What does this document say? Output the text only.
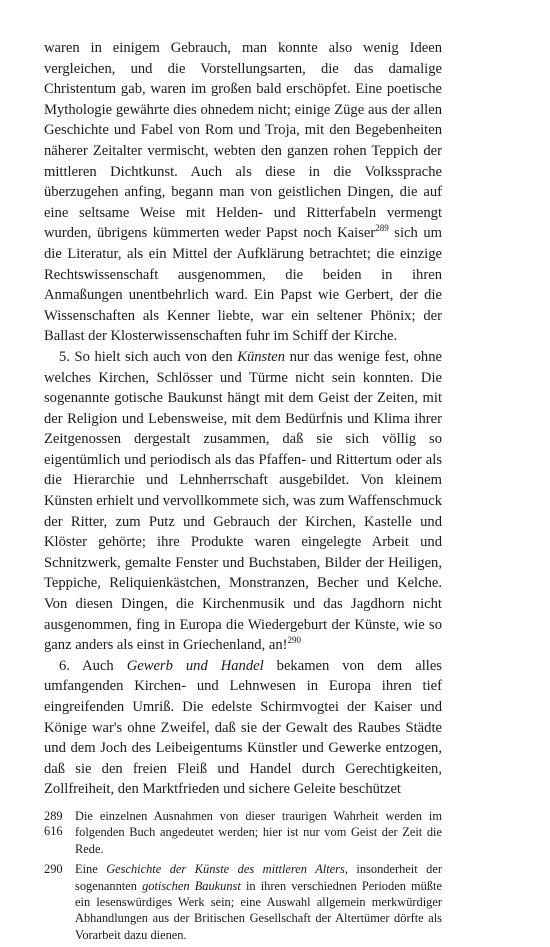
waren in einigem Gebrauch, man konnte also wenig Ideen vergleichen, und die Vorstellungsarten, die das damalige Christentum gab, waren im großen bald erschöpfet. Eine poetische Mythologie gewährte dies ohnedem nicht; einige Züge aus der allen Geschichte und Fabel von Rom und Troja, mit den Begebenheiten näherer Zeitalter vermischt, webten den ganzen rohen Teppich der mittleren Dichtkunst. Auch als diese in die Volkssprache überzugehen anfing, begann man von geistlichen Dingen, die auf eine seltsame Weise mit Helden- und Ritterfabeln vermengt wurden, übrigens kümmerten weder Papst noch Kaiser$^{289}$ sich um die Literatur, als ein Mittel der Aufklärung betrachtet; die einzige Rechtswissenschaft ausgenommen, die beiden in ihren Anmaßungen unentbehrlich ward. Ein Papst wie Gerbert, der die Wissenschaften als Kenner liebte, war ein seltener Phönix; der Ballast der Klosterwissenschaften fuhr im Schiff der Kirche.

5. So hielt sich auch von den Künsten nur das wenige fest, ohne welches Kirchen, Schlösser und Türme nicht sein konnten. Die sogenannte gotische Baukunst hängt mit dem Geist der Zeiten, mit der Religion und Lebensweise, mit dem Bedürfnis und Klima ihrer Zeitgenossen dergestalt zusammen, daß sie sich völlig so eigentümlich und periodisch als das Pfaffen- und Rittertum oder als die Hierarchie und Lehnherrschaft ausgebildet. Von kleinem Künsten erhielt und vervollkommete sich, was zum Waffenschmuck der Ritter, zum Putz und Gebrauch der Kirchen, Kastelle und Klöster gehörte; ihre Produkte waren eingelegte Arbeit und Schnitzwerk, gemalte Fenster und Buchstaben, Bilder der Heiligen, Teppiche, Reliquienkästchen, Monstranzen, Becher und Kelche. Von diesen Dingen, die Kirchenmusik und das Jagdhorn nicht ausgenommen, fing in Europa die Wiedergeburt der Künste, wie so ganz anders als einst in Griechenland, an!$^{290}$

6. Auch Gewerb und Handel bekamen von dem alles umfangenden Kirchen- und Lehnwesen in Europa ihren tief eingreifenden Umriß. Die edelste Schirmvogtei der Kaiser und Könige war's ohne Zweifel, daß sie der Gewalt des Raubes Städte und dem Joch des Leibeigentums Künstler und Gewerke entzogen, daß sie den freien Fleiß und Handel durch Gerechtigkeiten, Zollfreiheit, den Marktfrieden und sichere Geleite beschützet

289 Die einzelnen Ausnahmen von dieser traurigen Wahrheit werden im folgenden Buch angedeutet werden; hier ist nur vom Geist der Zeit die Rede.
290 Eine Geschichte der Künste des mittleren Alters, insonderheit der sogenannten gotischen Baukunst in ihren verschiednen Perioden müßte ein lesenswürdiges Werk sein; eine Auswahl allgemein merkwürdiger Abhandlungen aus der Britischen Gesellschaft der Altertümer dörfte als Vorarbeit dazu dienen.
616
